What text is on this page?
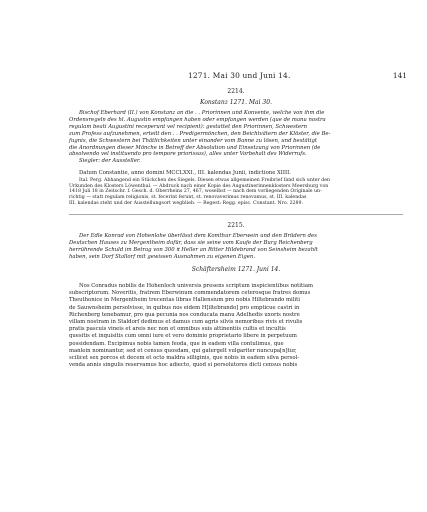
1271. Mai 30 und Juni 14.	141
2214.
Konstanz 1271. Mai 30.
Bischof Eberhard (II.) von Konstanz an die . . Priorinnen und Konvente, welche von ihm die
Ordensregeln des hl. Augustin empfangen haben oder empfangen werden (que de manu nostra
regulam beati Augustini receperunt vel recipient): gestattet den Priorinnen, Schwestern
zum Profess aufzunehmen, erteilt den . . Predigermönchen, den Beichtvätern der Klöster, die Be-
fugnis, die Schwestern bei Thätlichkeiten unter einander vom Banne zu lösen, und bestätigt
die Anordnungen dieser Mönche in Betreff der Absolution und Einsetzung von Priorinnen (de
absolvendo vel instituendo pro tempore priorissas), alles unter Vorbehalt des Widerrufs.
Siegler: der Aussteller.
Datum Constantie, anno domini MCCLXXI., III. kalendas Junii, indictione XIIII.
Ital. Perg. Abhangend ein Stückchen des Siegels. Diesen etwas allgemeinen Freibrief fand sich unter den
Urkunden des Klosters Löwenthal. — Abdruck nach einer Kopie des Augustinerinnenklosters Meersburg von
1418 Juli 18 in Zeitschr. f. Gesch. d. Oberrheins 27, 467, woselbst — nach dem vorliegenden Originale un-
richtig — statt regulam religionis, st. fecerint ferunt, st. renovaverimus renovamus, st. III. kalendas
III. kalendas steht und der Ausstellungsort wegblieb. — Regest: Regg. episc. Constant. Nro. 2289.
2215.
Der Edle Konrad von Hohenlohe überlässt dem Komthur Eberwein und den Brüdern des
Deutschen Hauses zu Mergentheim dafür, dass sie seine vom Kaufe der Burg Reichenberg
herrührende Schuld im Betrag von 300 ₶ Heller an Ritter Hildebrand von Seinsheim bezahlt
haben, sein Dorf Stallorf mit gewissen Ausnahmen zu eigenen Eigen.
Schäftersheim 1271. Juni 14.
Nos Conradus nobilis de Hohenloch universis presens scriptum inspicientibus notitiam
subscriptorum. Noveritis, fratrem Eberwinum commendatorem ceterosque fratres domus
Theuthonice in Mergentheim trecentas libras Hallensium pro nobis Hiltebrando militi
de Sauwnsheim persolvisse, in quibus nos eidem H[iltebrando] pro empticue castri in
Richenberg tenebamur, pro qua pecunia nos conducata manu Adelhedis uxoris nostre
villam nostram in Staldorf dedimus et damus cum agris silvis nemoribus rivis et rivulis
pratis pascuis vineis et areis nec non et omnibus suis attinentiis cultis et incultis
quesitis et inquisitis cum omni iure et vero dominio proprietario libere in perpetuum
possidendam. Excipimus nobis tamen feoda, que in eadem villa contulimus, que
manlein nominantur, sed et census quosdam, qui gatergelt vulgariter nuncupa[n]tur,
scilicet sex porcos et decem et octo maldra silliginis, que nobis in eadem silva persol-
venda annis singulis reservamus hoc adiecto, quod si persolutores dicti census nobis
